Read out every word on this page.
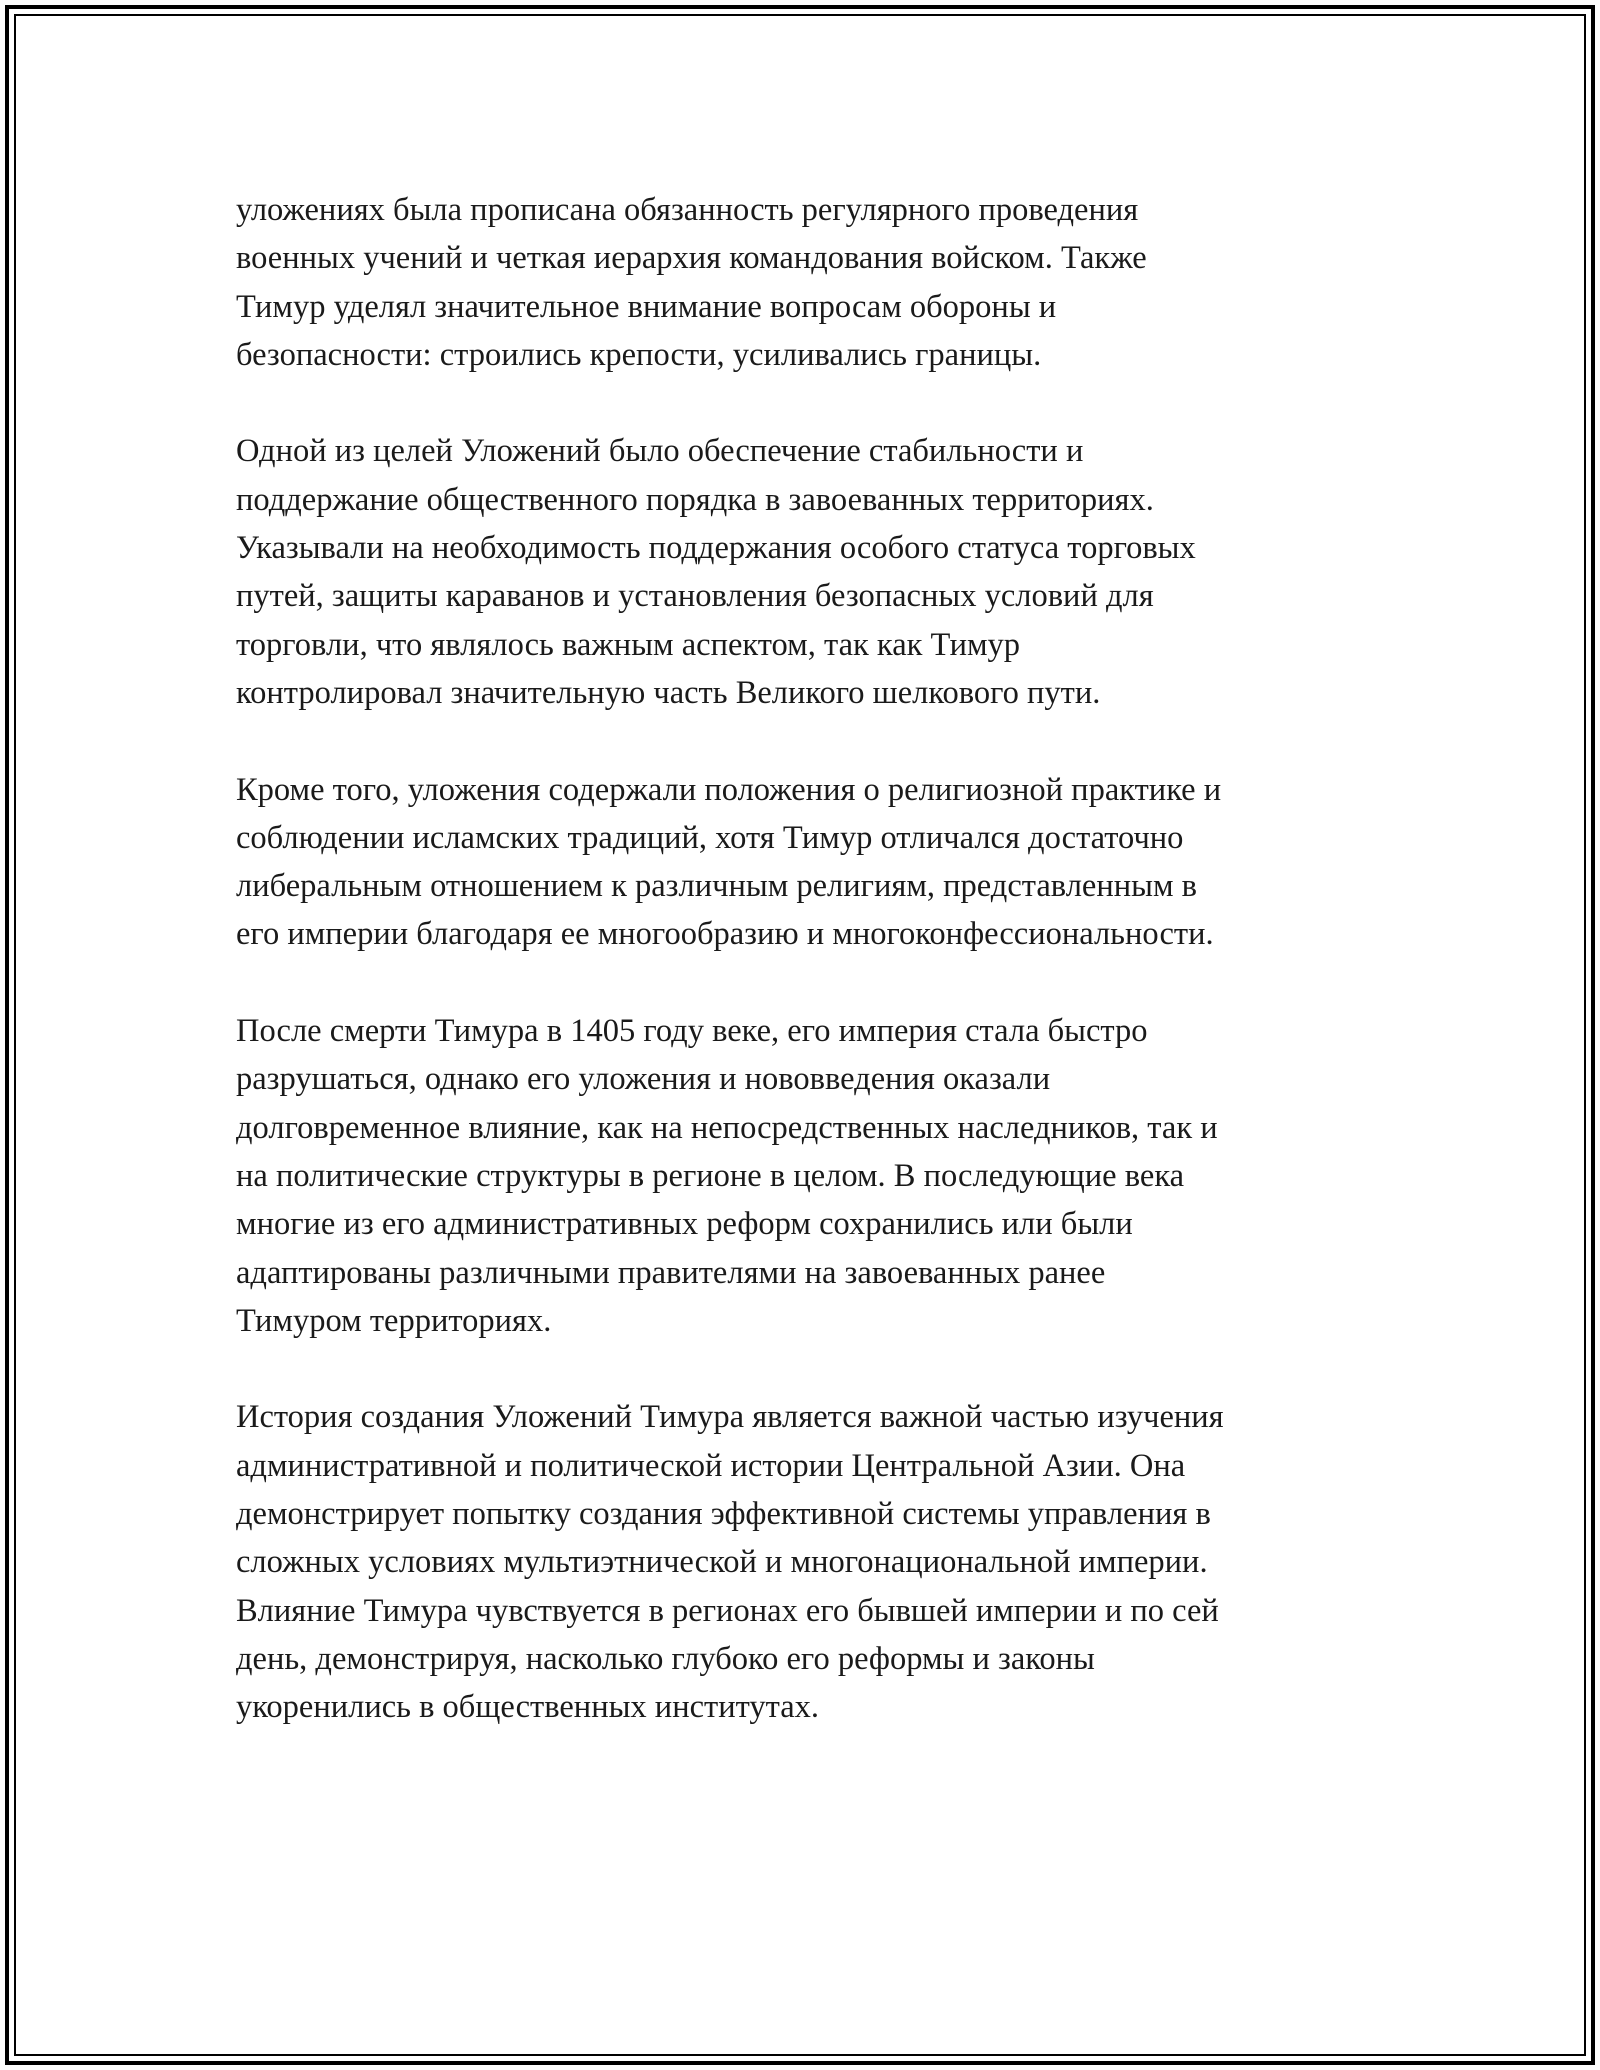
уложениях была прописана обязанность регулярного проведения
военных учений и четкая иерархия командования войском. Также
Тимур уделял значительное внимание вопросам обороны и
безопасности: строились крепости, усиливались границы.

Одной из целей Уложений было обеспечение стабильности и
поддержание общественного порядка в завоеванных территориях.
Указывали на необходимость поддержания особого статуса торговых
путей, защиты караванов и установления безопасных условий для
торговли, что являлось важным аспектом, так как Тимур
контролировал значительную часть Великого шелкового пути.

Кроме того, уложения содержали положения о религиозной практике и
соблюдении исламских традиций, хотя Тимур отличался достаточно
либеральным отношением к различным религиям, представленным в
его империи благодаря ее многообразию и многоконфессиональности.

После смерти Тимура в 1405 году веке, его империя стала быстро
разрушаться, однако его уложения и нововведения оказали
долговременное влияние, как на непосредственных наследников, так и
на политические структуры в регионе в целом. В последующие века
многие из его административных реформ сохранились или были
адаптированы различными правителями на завоеванных ранее
Тимуром территориях.

История создания Уложений Тимура является важной частью изучения
административной и политической истории Центральной Азии. Она
демонстрирует попытку создания эффективной системы управления в
сложных условиях мультиэтнической и многонациональной империи.
Влияние Тимура чувствуется в регионах его бывшей империи и по сей
день, демонстрируя, насколько глубоко его реформы и законы
укоренились в общественных институтах.
